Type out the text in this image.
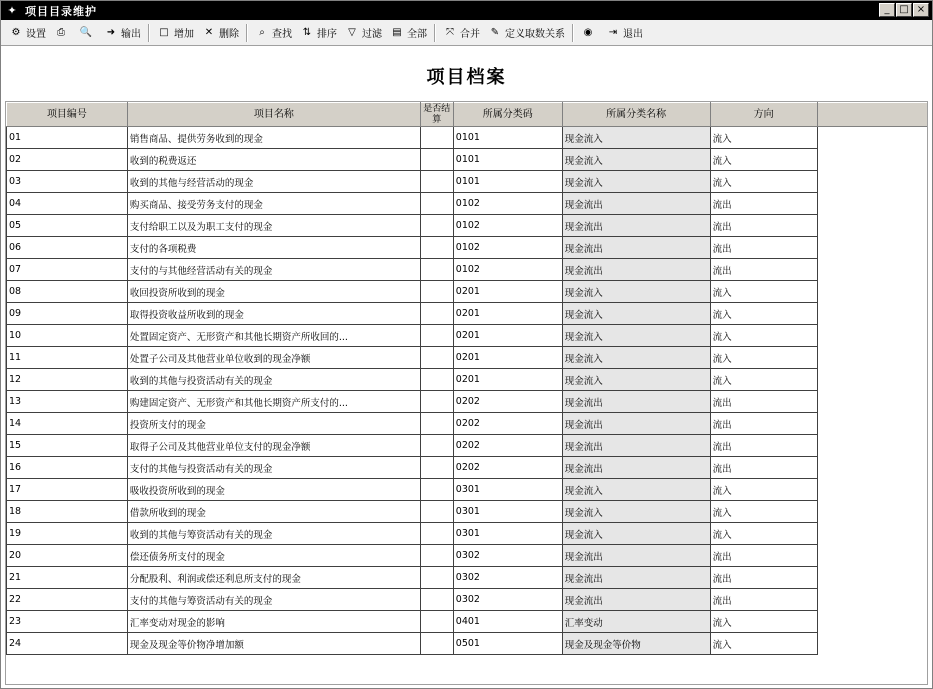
✦ 项目目录维护	_ □ ×
⚙ 设置	⎙	🔍 ➜ 输出 □ 增加 ✕ 删除	⌕ 查找 ⇅ 排序	▽ 过滤 ▤ 全部	⤧ 合并 ✎ 定义取数关系 ◉ ⇥ 退出
项目档案
项目编号	项目名称	是否结算	所属分类码	所属分类名称	方向	
01	销售商品、提供劳务收到的现金		0101	现金流入	流入	
02	收到的税费返还		0101	现金流入	流入	
03	收到的其他与经营活动的现金		0101	现金流入	流入	
04	购买商品、接受劳务支付的现金		0102	现金流出	流出	
05	支付给职工以及为职工支付的现金		0102	现金流出	流出	
06	支付的各项税费		0102	现金流出	流出	
07	支付的与其他经营活动有关的现金		0102	现金流出	流出	
08	收回投资所收到的现金		0201	现金流入	流入	
09	取得投资收益所收到的现金		0201	现金流入	流入	
10	处置固定资产、无形资产和其他长期资产所收回的...		0201	现金流入	流入	
11	处置子公司及其他营业单位收到的现金净额		0201	现金流入	流入	
12	收到的其他与投资活动有关的现金		0201	现金流入	流入	
13	购建固定资产、无形资产和其他长期资产所支付的...		0202	现金流出	流出	
14	投资所支付的现金		0202	现金流出	流出	
15	取得子公司及其他营业单位支付的现金净额		0202	现金流出	流出	
16	支付的其他与投资活动有关的现金		0202	现金流出	流出	
17	吸收投资所收到的现金		0301	现金流入	流入	
18	借款所收到的现金		0301	现金流入	流入	
19	收到的其他与筹资活动有关的现金		0301	现金流入	流入	
20	偿还债务所支付的现金		0302	现金流出	流出	
21	分配股利、利润或偿还利息所支付的现金		0302	现金流出	流出	
22	支付的其他与筹资活动有关的现金		0302	现金流出	流出	
23	汇率变动对现金的影响		0401	汇率变动	流入	
24	现金及现金等价物净增加额		0501	现金及现金等价物	流入	
